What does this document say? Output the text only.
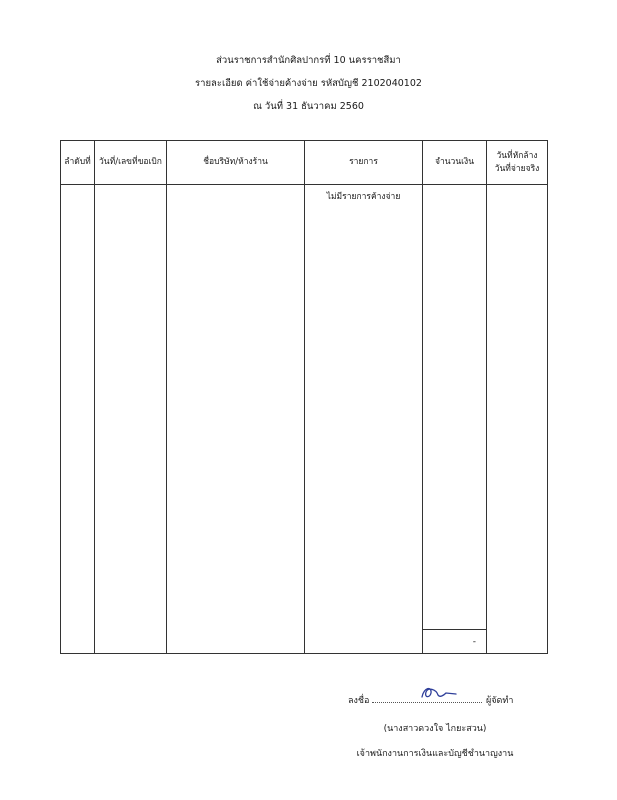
ส่วนราชการสำนักศิลปากรที่ 10 นครราชสีมา
รายละเอียด ค่าใช้จ่ายค้างจ่าย รหัสบัญชี 2102040102
ณ วันที่ 31 ธันวาคม 2560
ลำดับที่	วันที่/เลขที่ขอเบิก	ชื่อบริษัท/ห้างร้าน	รายการ	จำนวนเงิน	วันที่หักล้าง
วันที่จ่ายจริง

			ไม่มีรายการค้างจ่าย	-	

ลงชื่อ	ผู้จัดทำ
(นางสาวดวงใจ ไกยะสวน)
เจ้าพนักงานการเงินและบัญชีชำนาญงาน
